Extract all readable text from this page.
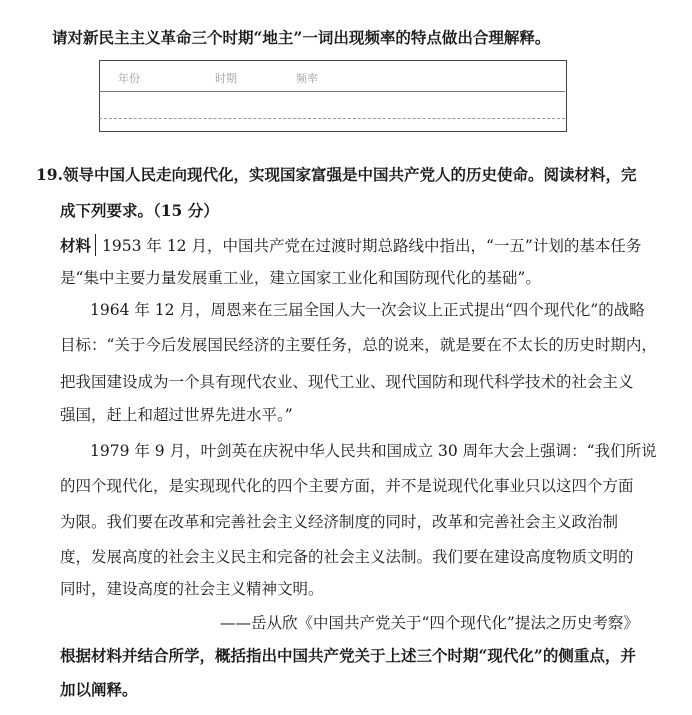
请对新民主主义革命三个时期“地主”一词出现频率的特点做出合理解释。
年份	时期	频率
19.领导中国人民走向现代化，实现国家富强是中国共产党人的历史使命。阅读材料，完
成下列要求。（15 分）
材料 1953 年 12 月，中国共产党在过渡时期总路线中指出，“一五”计划的基本任务
是“集中主要力量发展重工业，建立国家工业化和国防现代化的基础”。
1964 年 12 月，周恩来在三届全国人大一次会议上正式提出“四个现代化”的战略
目标：“关于今后发展国民经济的主要任务，总的说来，就是要在不太长的历史时期内，
把我国建设成为一个具有现代农业、现代工业、现代国防和现代科学技术的社会主义
强国，赶上和超过世界先进水平。”
1979 年 9 月，叶剑英在庆祝中华人民共和国成立 30 周年大会上强调：“我们所说
的四个现代化，是实现现代化的四个主要方面，并不是说现代化事业只以这四个方面
为限。我们要在改革和完善社会主义经济制度的同时，改革和完善社会主义政治制
度，发展高度的社会主义民主和完备的社会主义法制。我们要在建设高度物质文明的
同时，建设高度的社会主义精神文明。
——岳从欣《中国共产党关于“四个现代化”提法之历史考察》
根据材料并结合所学，概括指出中国共产党关于上述三个时期“现代化”的侧重点，并
加以阐释。
